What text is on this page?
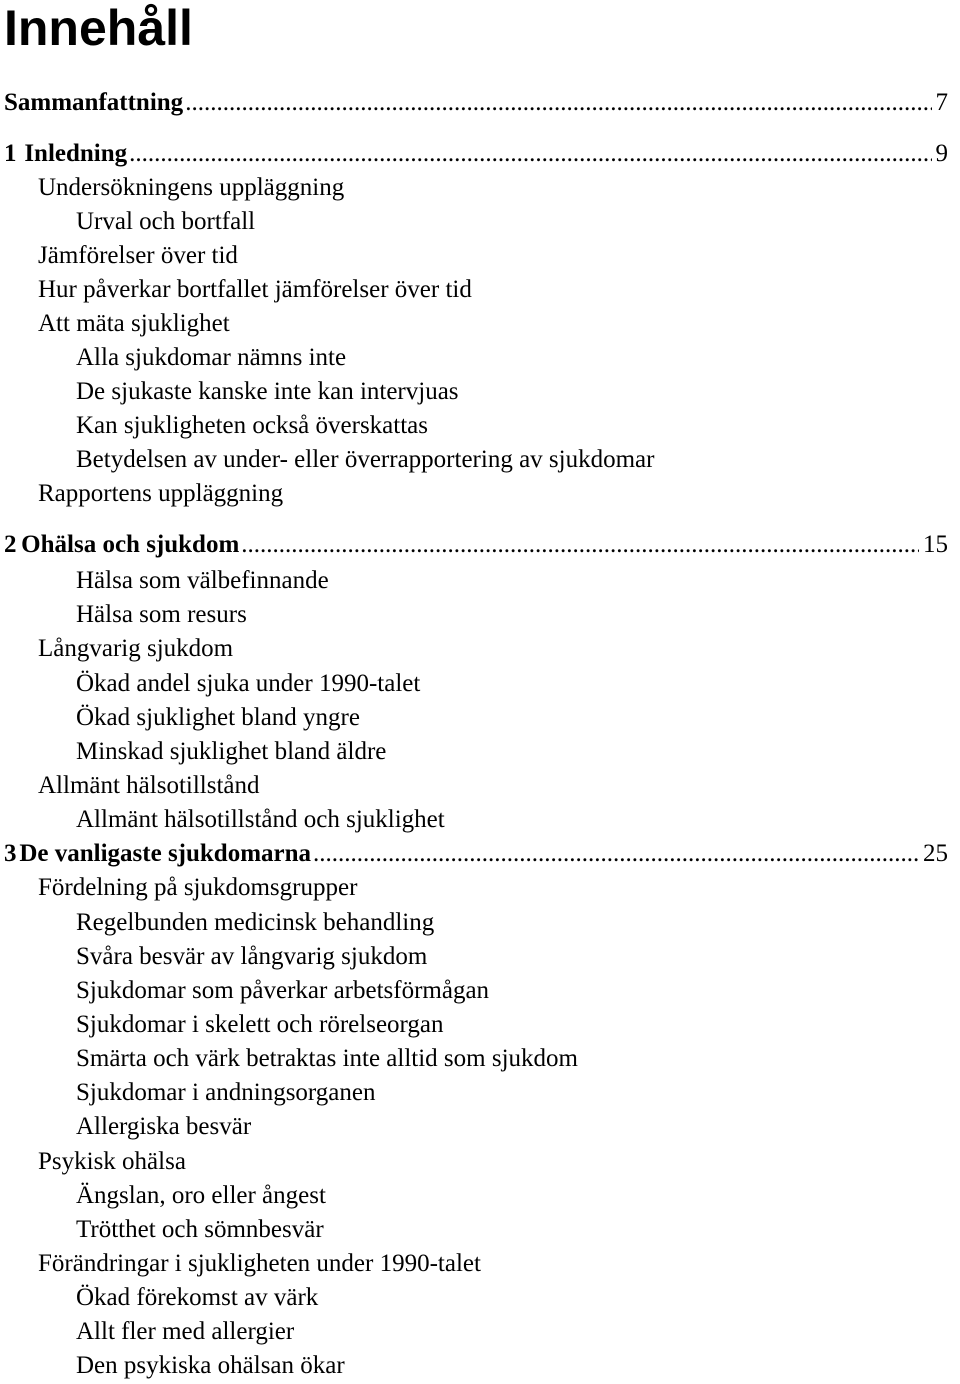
Innehåll
Sammanfattning .....	7
1 Inledning .....	9
Undersökningens uppläggning
Urval och bortfall
Jämförelser över tid
Hur påverkar bortfallet jämförelser över tid
Att mäta sjuklighet
Alla sjukdomar nämns inte
De sjukaste kanske inte kan intervjuas
Kan sjukligheten också överskattas
Betydelsen av under- eller överrapportering av sjukdomar
Rapportens uppläggning
2 Ohälsa och sjukdom .....	15
Hälsa som välbefinnande
Hälsa som resurs
Långvarig sjukdom
Ökad andel sjuka under 1990-talet
Ökad sjuklighet bland yngre
Minskad sjuklighet bland äldre
Allmänt hälsotillstånd
Allmänt hälsotillstånd och sjuklighet
3 De vanligaste sjukdomarna .....	25
Fördelning på sjukdomsgrupper
Regelbunden medicinsk behandling
Svåra besvär av långvarig sjukdom
Sjukdomar som påverkar arbetsförmågan
Sjukdomar i skelett och rörelseorgan
Smärta och värk betraktas inte alltid som sjukdom
Sjukdomar i andningsorganen
Allergiska besvär
Psykisk ohälsa
Ängslan, oro eller ångest
Trötthet och sömnbesvär
Förändringar i sjukligheten under 1990-talet
Ökad förekomst av värk
Allt fler med allergier
Den psykiska ohälsan ökar
